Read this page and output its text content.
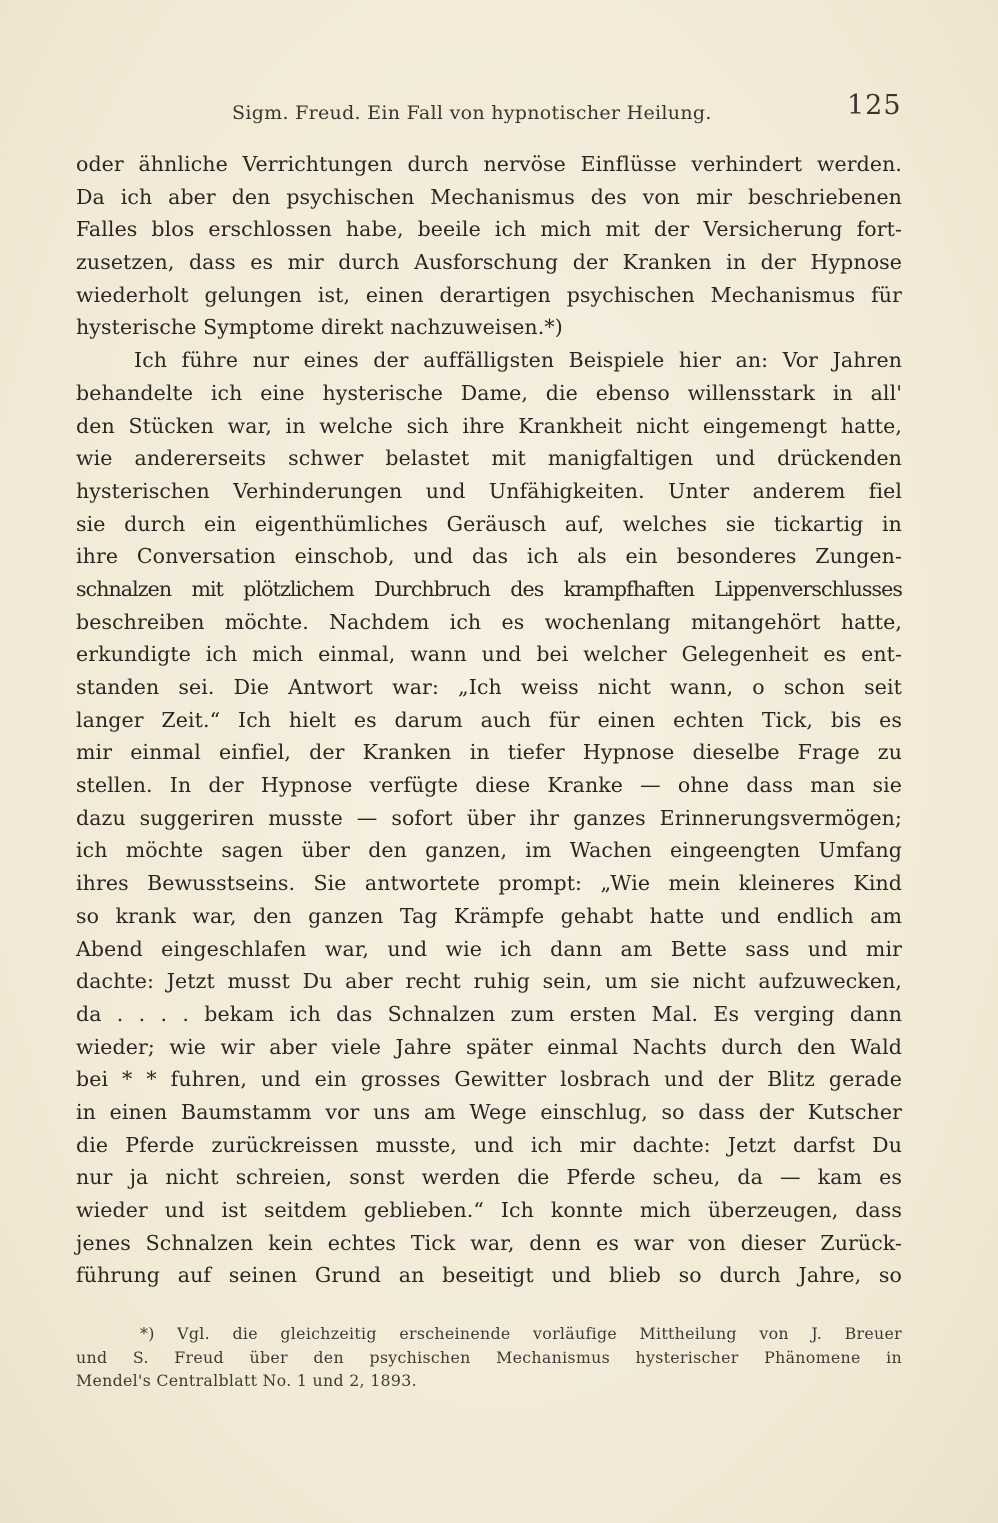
Sigm. Freud. Ein Fall von hypnotischer Heilung.	125
oder ähnliche Verrichtungen durch nervöse Einflüsse verhindert werden.
Da ich aber den psychischen Mechanismus des von mir beschriebenen
Falles blos erschlossen habe, beeile ich mich mit der Versicherung fort-
zusetzen, dass es mir durch Ausforschung der Kranken in der Hypnose
wiederholt gelungen ist, einen derartigen psychischen Mechanismus für
hysterische Symptome direkt nachzuweisen.*)
Ich führe nur eines der auffälligsten Beispiele hier an: Vor Jahren
behandelte ich eine hysterische Dame, die ebenso willensstark in all'
den Stücken war, in welche sich ihre Krankheit nicht eingemengt hatte,
wie andererseits schwer belastet mit manigfaltigen und drückenden
hysterischen Verhinderungen und Unfähigkeiten. Unter anderem fiel
sie durch ein eigenthümliches Geräusch auf, welches sie tickartig in
ihre Conversation einschob, und das ich als ein besonderes Zungen-
schnalzen mit plötzlichem Durchbruch des krampfhaften Lippenverschlusses
beschreiben möchte. Nachdem ich es wochenlang mitangehört hatte,
erkundigte ich mich einmal, wann und bei welcher Gelegenheit es ent-
standen sei. Die Antwort war: „Ich weiss nicht wann, o schon seit
langer Zeit.“ Ich hielt es darum auch für einen echten Tick, bis es
mir einmal einfiel, der Kranken in tiefer Hypnose dieselbe Frage zu
stellen. In der Hypnose verfügte diese Kranke — ohne dass man sie
dazu suggeriren musste — sofort über ihr ganzes Erinnerungsvermögen;
ich möchte sagen über den ganzen, im Wachen eingeengten Umfang
ihres Bewusstseins. Sie antwortete prompt: „Wie mein kleineres Kind
so krank war, den ganzen Tag Krämpfe gehabt hatte und endlich am
Abend eingeschlafen war, und wie ich dann am Bette sass und mir
dachte: Jetzt musst Du aber recht ruhig sein, um sie nicht aufzuwecken,
da . . . . bekam ich das Schnalzen zum ersten Mal. Es verging dann
wieder; wie wir aber viele Jahre später einmal Nachts durch den Wald
bei * * fuhren, und ein grosses Gewitter losbrach und der Blitz gerade
in einen Baumstamm vor uns am Wege einschlug, so dass der Kutscher
die Pferde zurückreissen musste, und ich mir dachte: Jetzt darfst Du
nur ja nicht schreien, sonst werden die Pferde scheu, da — kam es
wieder und ist seitdem geblieben.“ Ich konnte mich überzeugen, dass
jenes Schnalzen kein echtes Tick war, denn es war von dieser Zurück-
führung auf seinen Grund an beseitigt und blieb so durch Jahre, so
*) Vgl. die gleichzeitig erscheinende vorläufige Mittheilung von J. Breuer
und S. Freud über den psychischen Mechanismus hysterischer Phänomene in
Mendel's Centralblatt No. 1 und 2, 1893.
